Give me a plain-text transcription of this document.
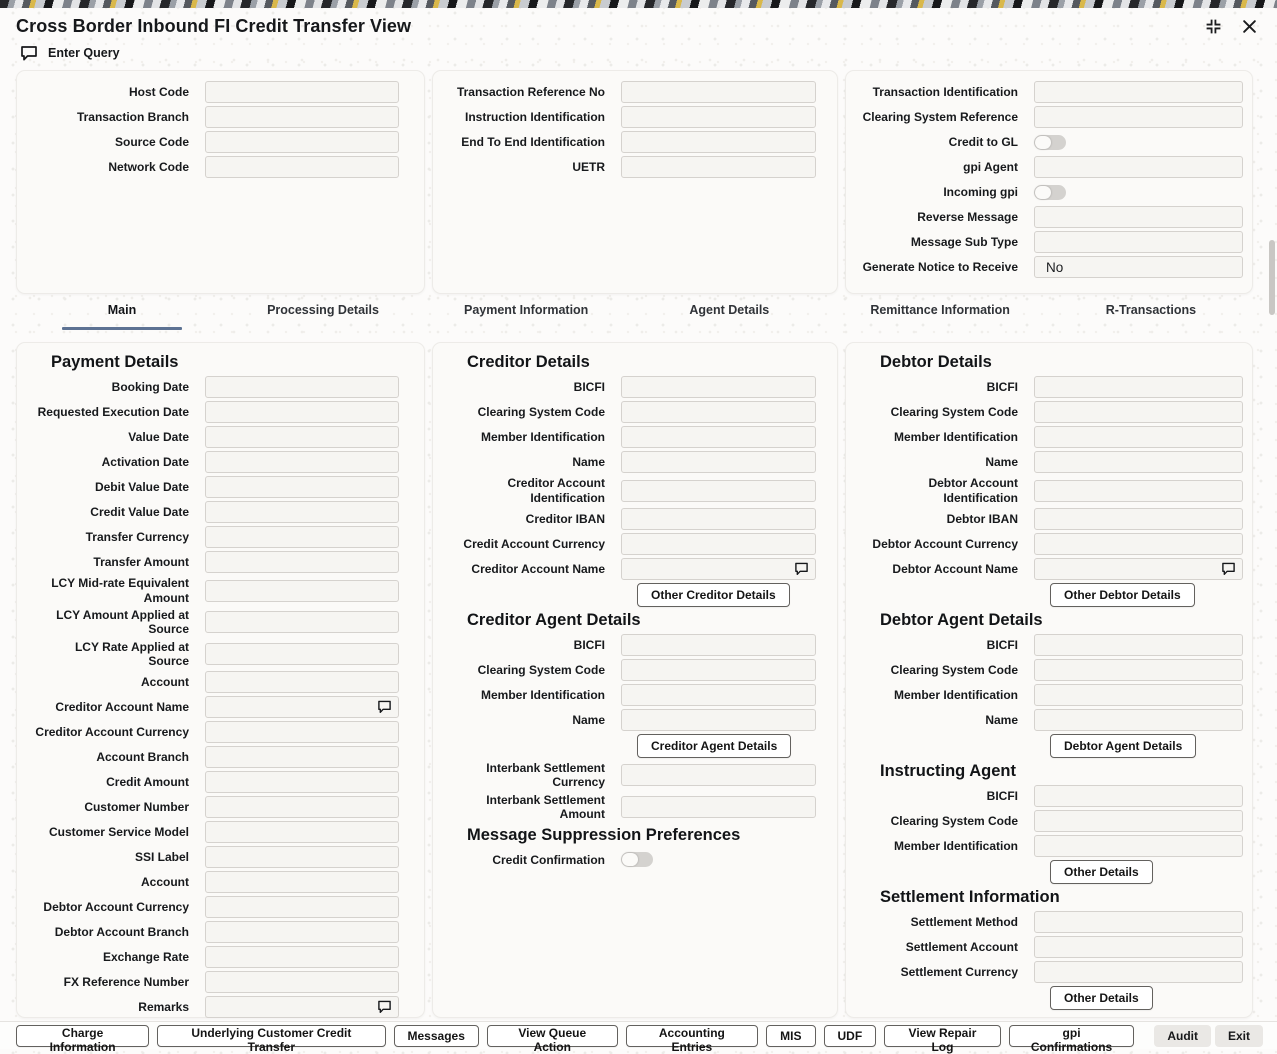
Cross Border Inbound FI Credit Transfer View
Enter Query
Host Code
Transaction Branch
Source Code
Network Code
Transaction Reference No
Instruction Identification
End To End Identification
UETR
Transaction Identification
Clearing System Reference
Credit to GL
gpi Agent
Incoming gpi
Reverse Message
Message Sub Type
Generate Notice to Receive	No
Main	Processing Details	Payment Information	Agent Details	Remittance Information	R-Transactions
Payment Details
Booking Date
Requested Execution Date
Value Date
Activation Date
Debit Value Date
Credit Value Date
Transfer Currency
Transfer Amount
LCY Mid-rate Equivalent Amount
LCY Amount Applied at Source
LCY Rate Applied at Source
Account
Creditor Account Name
Creditor Account Currency
Account Branch
Credit Amount
Customer Number
Customer Service Model
SSI Label
Account
Debtor Account Currency
Debtor Account Branch
Exchange Rate
FX Reference Number
Remarks
Creditor Details
BICFI
Clearing System Code
Member Identification
Name
Creditor Account Identification
Creditor IBAN
Credit Account Currency
Creditor Account Name
Other Creditor Details
Creditor Agent Details
BICFI
Clearing System Code
Member Identification
Name
Creditor Agent Details
Interbank Settlement Currency
Interbank Settlement Amount
Message Suppression Preferences
Credit Confirmation
Debtor Details
BICFI
Clearing System Code
Member Identification
Name
Debtor Account Identification
Debtor IBAN
Debtor Account Currency
Debtor Account Name
Other Debtor Details
Debtor Agent Details
BICFI
Clearing System Code
Member Identification
Name
Debtor Agent Details
Instructing Agent
BICFI
Clearing System Code
Member Identification
Other Details
Settlement Information
Settlement Method
Settlement Account
Settlement Currency
Other Details
Charge Information
Underlying Customer Credit Transfer
Messages	View Queue Action
Accounting Entries
MIS	UDF	View Repair Log
gpi Confirmations
Audit	Exit
